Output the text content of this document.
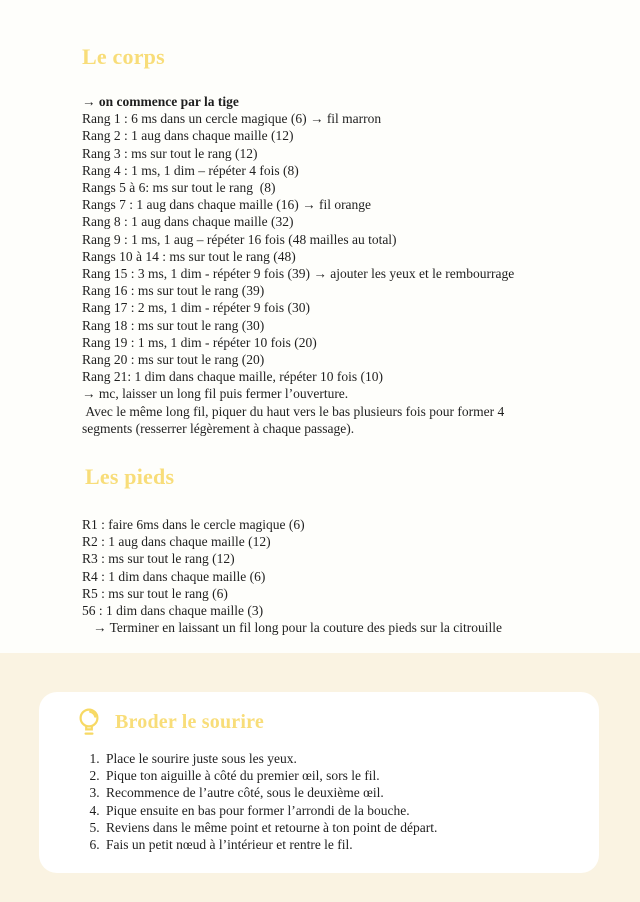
Le corps
→ on commence par la tige
Rang 1 : 6 ms dans un cercle magique (6) → fil marron
Rang 2 : 1 aug dans chaque maille (12)
Rang 3 : ms sur tout le rang (12)
Rang 4 : 1 ms, 1 dim – répéter 4 fois (8)
Rangs 5 à 6: ms sur tout le rang  (8)
Rangs 7 : 1 aug dans chaque maille (16) → fil orange
Rang 8 : 1 aug dans chaque maille (32)
Rang 9 : 1 ms, 1 aug – répéter 16 fois (48 mailles au total)
Rangs 10 à 14 : ms sur tout le rang (48)
Rang 15 : 3 ms, 1 dim - répéter 9 fois (39) → ajouter les yeux et le rembourrage
Rang 16 : ms sur tout le rang (39)
Rang 17 : 2 ms, 1 dim - répéter 9 fois (30)
Rang 18 : ms sur tout le rang (30)
Rang 19 : 1 ms, 1 dim - répéter 10 fois (20)
Rang 20 : ms sur tout le rang (20)
Rang 21: 1 dim dans chaque maille, répéter 10 fois (10)
→ mc, laisser un long fil puis fermer l’ouverture.
Avec le même long fil, piquer du haut vers le bas plusieurs fois pour former 4
segments (resserrer légèrement à chaque passage).
Les pieds
R1 : faire 6ms dans le cercle magique (6)
R2 : 1 aug dans chaque maille (12)
R3 : ms sur tout le rang (12)
R4 : 1 dim dans chaque maille (6)
R5 : ms sur tout le rang (6)
56 : 1 dim dans chaque maille (3)
→ Terminer en laissant un fil long pour la couture des pieds sur la citrouille
Broder le sourire
1. Place le sourire juste sous les yeux.
2. Pique ton aiguille à côté du premier œil, sors le fil.
3. Recommence de l’autre côté, sous le deuxième œil.
4. Pique ensuite en bas pour former l’arrondi de la bouche.
5. Reviens dans le même point et retourne à ton point de départ.
6. Fais un petit nœud à l’intérieur et rentre le fil.
